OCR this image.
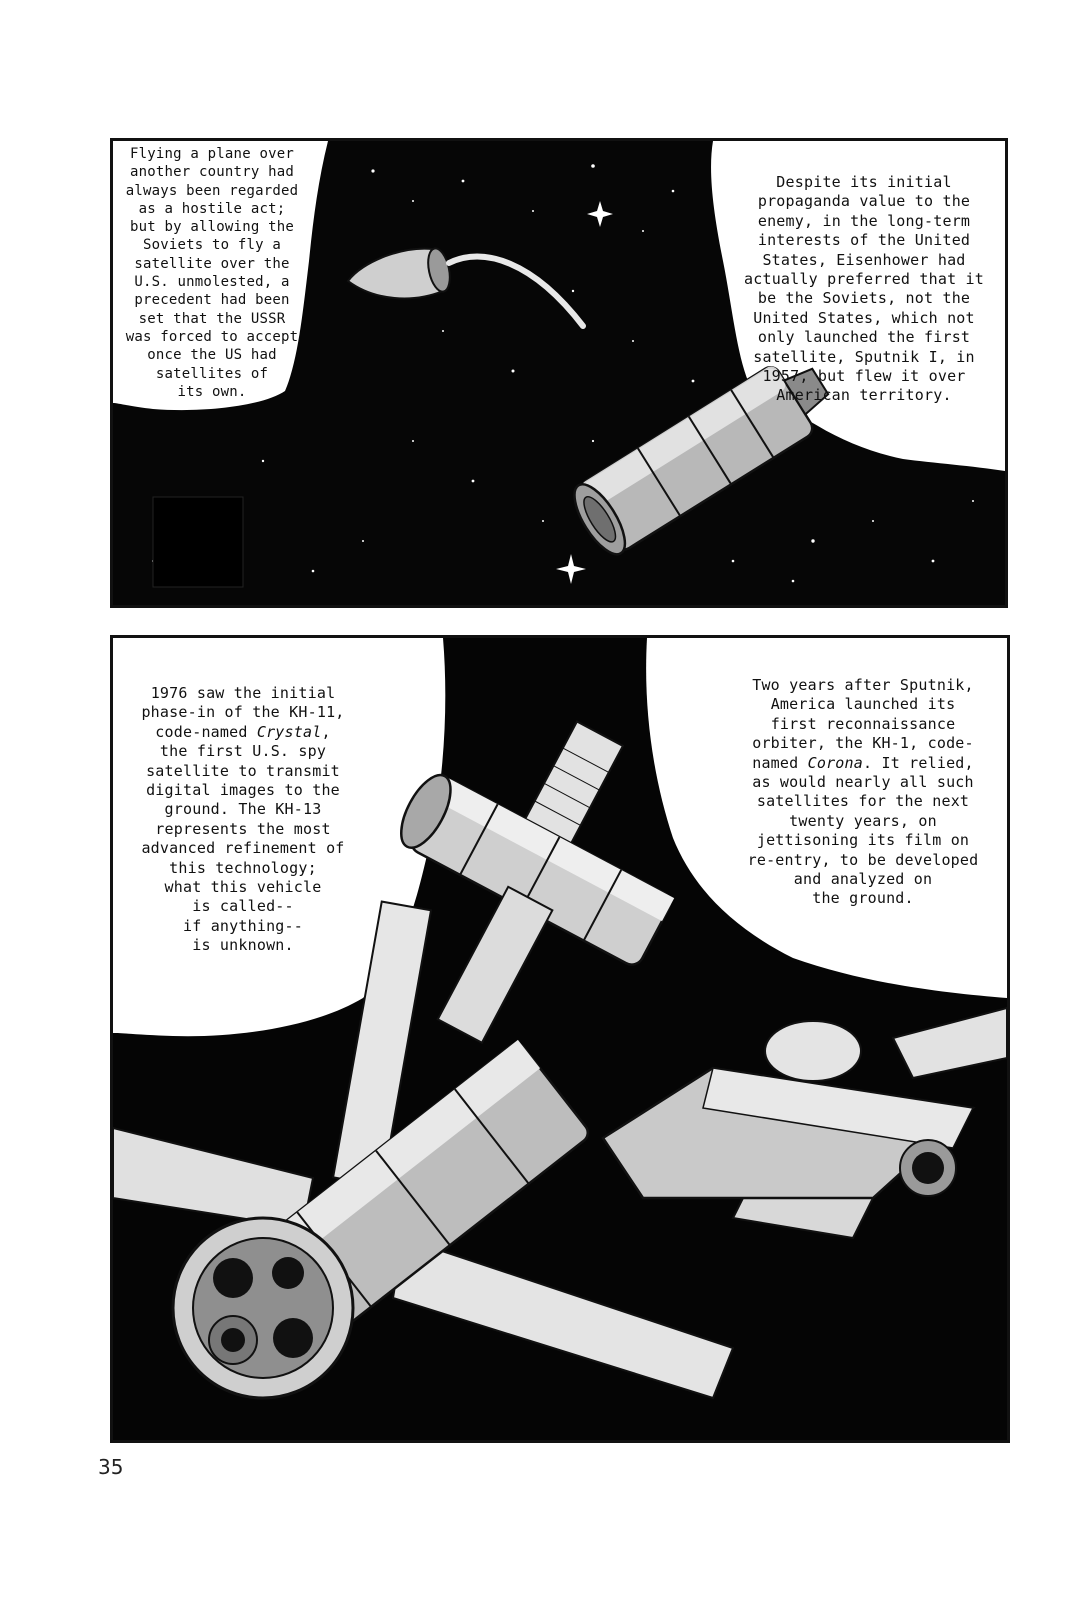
Flying a plane over
another country had
always been regarded
as a hostile act;
but by allowing the
Soviets to fly a
satellite over the
U.S. unmolested, a
precedent had been
set that the USSR
was forced to accept
once the US had
satellites of
its own.
Despite its initial
propaganda value to the
enemy, in the long-term
interests of the United
States, Eisenhower had
actually preferred that it
be the Soviets, not the
United States, which not
only launched the first
satellite, Sputnik I, in
1957, but flew it over
American territory.
1976 saw the initial
phase-in of the KH-11,
code-named Crystal,
the first U.S. spy
satellite to transmit
digital images to the
ground. The KH-13
represents the most
advanced refinement of
this technology;
what this vehicle
is called--
if anything--
is unknown.
Two years after Sputnik,
America launched its
first reconnaissance
orbiter, the KH-1, code-
named Corona. It relied,
as would nearly all such
satellites for the next
twenty years, on
jettisoning its film on
re-entry, to be developed
and analyzed on
the ground.
35
